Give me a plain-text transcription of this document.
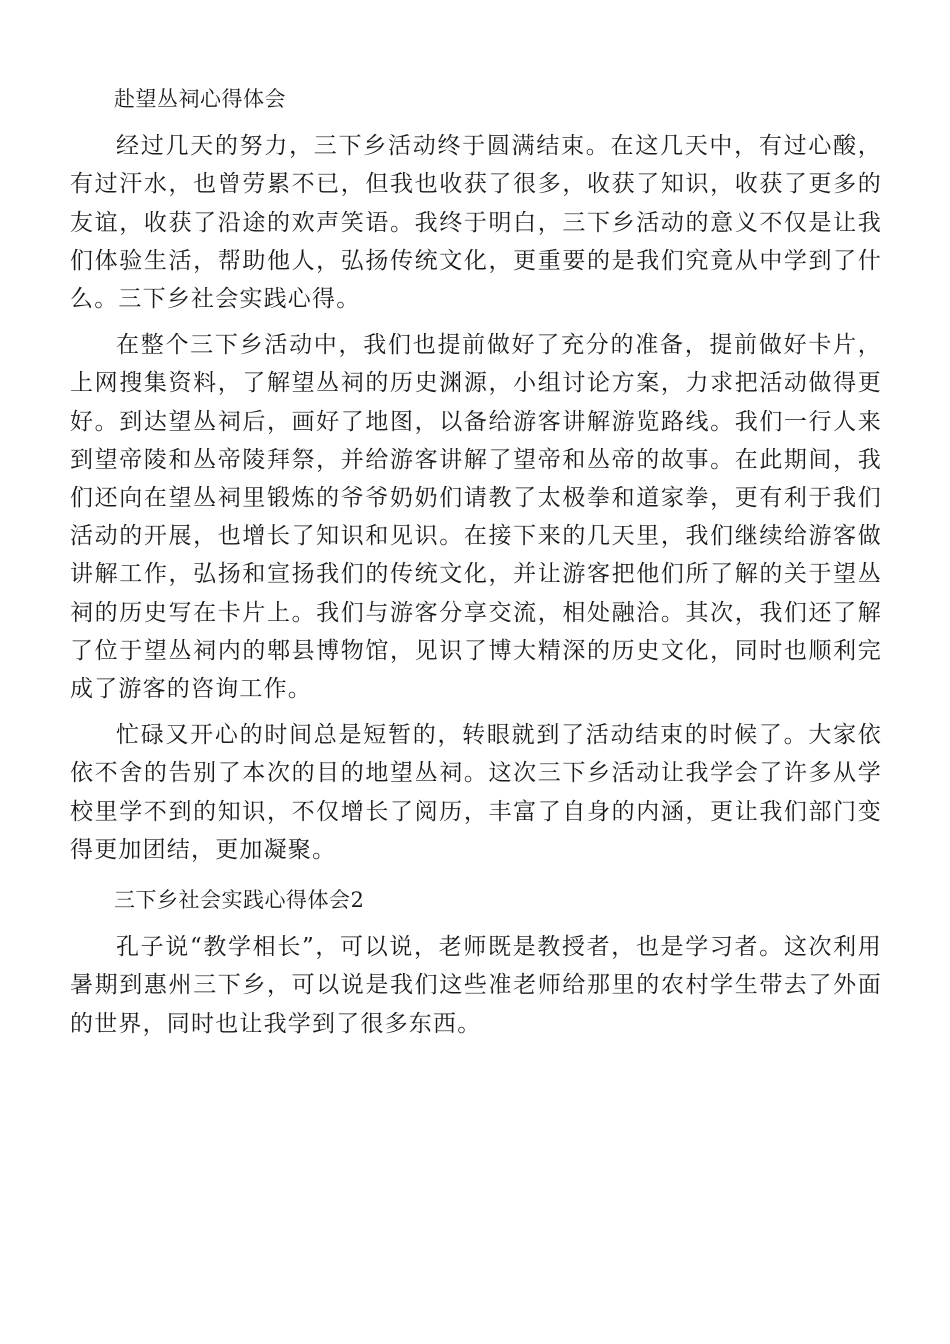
赴望丛祠心得体会

经过几天的努力，三下乡活动终于圆满结束。在这几天中，有过心酸，有过汗水，也曾劳累不已，但我也收获了很多，收获了知识，收获了更多的友谊，收获了沿途的欢声笑语。我终于明白，三下乡活动的意义不仅是让我们体验生活，帮助他人，弘扬传统文化，更重要的是我们究竟从中学到了什么。三下乡社会实践心得。

在整个三下乡活动中，我们也提前做好了充分的准备，提前做好卡片，上网搜集资料，了解望丛祠的历史渊源，小组讨论方案，力求把活动做得更好。到达望丛祠后，画好了地图，以备给游客讲解游览路线。我们一行人来到望帝陵和丛帝陵拜祭，并给游客讲解了望帝和丛帝的故事。在此期间，我们还向在望丛祠里锻炼的爷爷奶奶们请教了太极拳和道家拳，更有利于我们活动的开展，也增长了知识和见识。在接下来的几天里，我们继续给游客做讲解工作，弘扬和宣扬我们的传统文化，并让游客把他们所了解的关于望丛祠的历史写在卡片上。我们与游客分享交流，相处融洽。其次，我们还了解了位于望丛祠内的郫县博物馆，见识了博大精深的历史文化，同时也顺利完成了游客的咨询工作。

忙碌又开心的时间总是短暂的，转眼就到了活动结束的时候了。大家依依不舍的告别了本次的目的地望丛祠。这次三下乡活动让我学会了许多从学校里学不到的知识，不仅增长了阅历，丰富了自身的内涵，更让我们部门变得更加团结，更加凝聚。

三下乡社会实践心得体会2

孔子说“教学相长”，可以说，老师既是教授者，也是学习者。这次利用暑期到惠州三下乡，可以说是我们这些准老师给那里的农村学生带去了外面的世界，同时也让我学到了很多东西。
